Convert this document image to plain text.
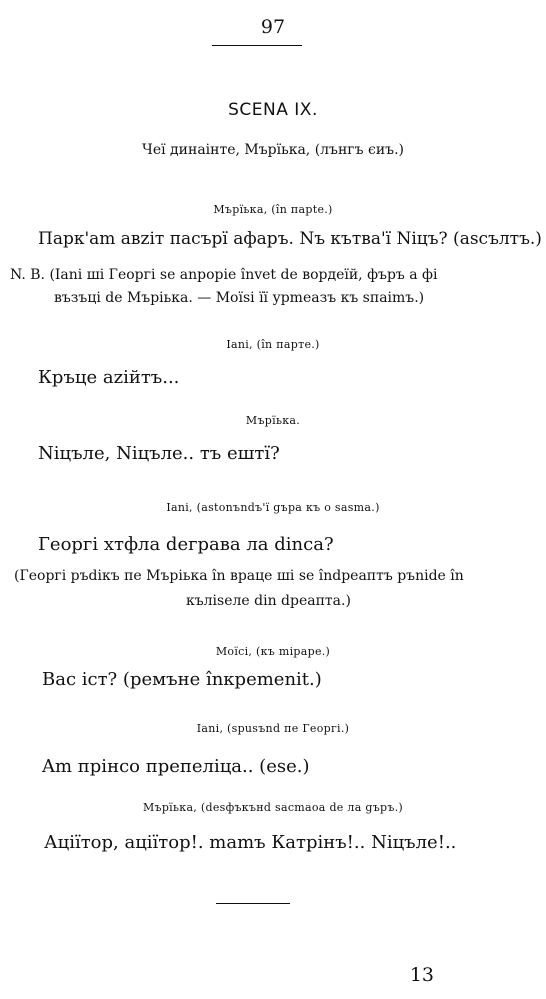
97
SCENA IX.
Чеї динаінте, Мърїька, (лънгъ єиъ.)
Мърїька, (în парte.)
Парк'am aвziт пасърї афаръ. Nъ кътва'ї Niцъ? (ascълтъ.)
N. B. (Іаnі шi Георгі se anpopie învet de вордеїй, фъръ а фi
възъці de Мърiька. — Моїsi ïї урmеазъ къ ѕпаimъ.)
Іаnі, (în парте.)
Кръце aziйтъ...
Мърїька.
Niцъле, Niцъле.. тъ ештї?
Іаnі, (аstonъndъ'ї gъpa къ о sаsmа.)
Георгі хтфла dеграва ла dinca?
(Георгі ръdікъ пе Мърiька în враце шi se îndреаптъ ръnide în
къліseле din dреапта.)
Моїсі, (къ mipape.)
Вас іст? (ремъне înкреmеnit.)
Іаnі, (spusъnd пе Георгі.)
Am прінсо препеліца.. (ese.)
Мърїька, (desфъкънd sасmаоа de ла gъръ.)
Ацiїтор, ацiїтор!. mamъ Катрінъ!.. Niцъле!..
13
